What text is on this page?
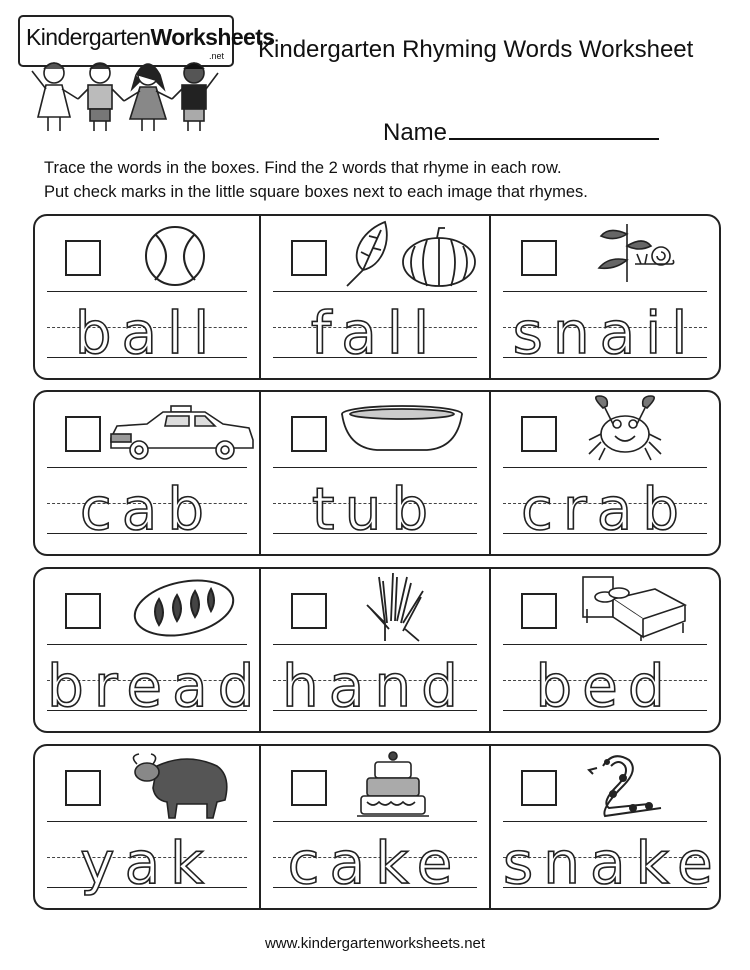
KindergartenWorksheets
.net Kindergarten Rhyming Words Worksheet
Name
Trace the words in the boxes. Find the 2 words that rhyme in each row.
Put check marks in the little square boxes next to each image that rhymes.
ball	fall	snail
cab	tub	crab
bread hand	bed
yak	cake snake
www.kindergartenworksheets.net
